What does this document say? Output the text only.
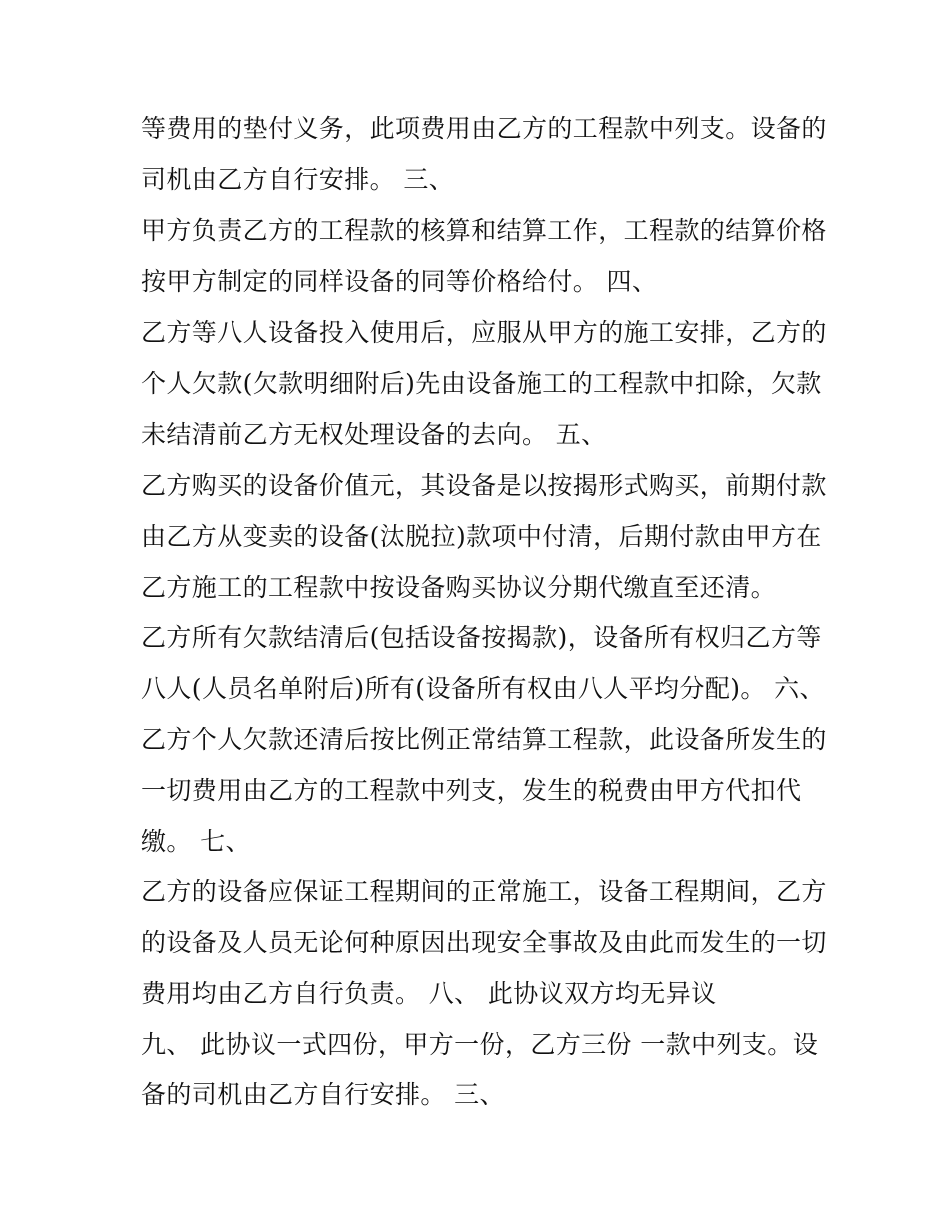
等费用的垫付义务，此项费用由乙方的工程款中列支。设备的
司机由乙方自行安排。 三、
甲方负责乙方的工程款的核算和结算工作，工程款的结算价格
按甲方制定的同样设备的同等价格给付。 四、
乙方等八人设备投入使用后，应服从甲方的施工安排，乙方的
个人欠款(欠款明细附后)先由设备施工的工程款中扣除，欠款
未结清前乙方无权处理设备的去向。 五、
乙方购买的设备价值元，其设备是以按揭形式购买，前期付款
由乙方从变卖的设备(汰脱拉)款项中付清，后期付款由甲方在
乙方施工的工程款中按设备购买协议分期代缴直至还清。
乙方所有欠款结清后(包括设备按揭款)，设备所有权归乙方等
八人(人员名单附后)所有(设备所有权由八人平均分配)。 六、
乙方个人欠款还清后按比例正常结算工程款，此设备所发生的
一切费用由乙方的工程款中列支，发生的税费由甲方代扣代
缴。 七、
乙方的设备应保证工程期间的正常施工，设备工程期间，乙方
的设备及人员无论何种原因出现安全事故及由此而发生的一切
费用均由乙方自行负责。 八、 此协议双方均无异议
九、 此协议一式四份，甲方一份，乙方三份 一款中列支。设
备的司机由乙方自行安排。 三、
